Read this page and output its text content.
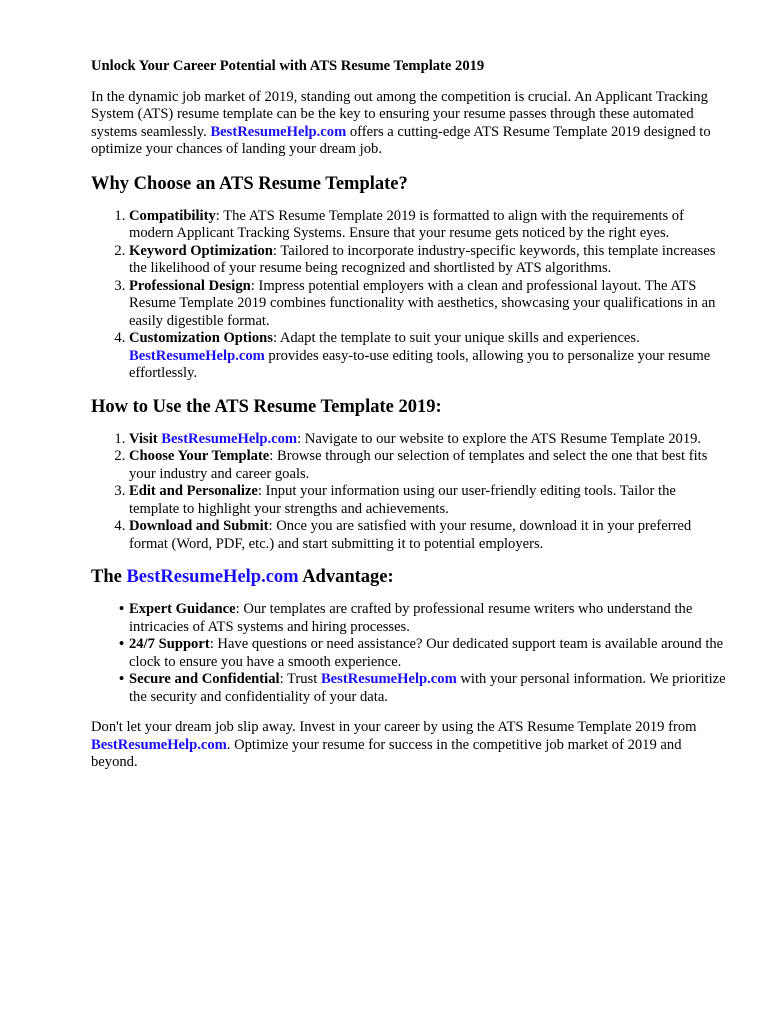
Unlock Your Career Potential with ATS Resume Template 2019

In the dynamic job market of 2019, standing out among the competition is crucial. An Applicant Tracking System (ATS) resume template can be the key to ensuring your resume passes through these automated systems seamlessly. BestResumeHelp.com offers a cutting-edge ATS Resume Template 2019 designed to optimize your chances of landing your dream job.

Why Choose an ATS Resume Template?
1. Compatibility: The ATS Resume Template 2019 is formatted to align with the requirements of modern Applicant Tracking Systems. Ensure that your resume gets noticed by the right eyes.
2. Keyword Optimization: Tailored to incorporate industry-specific keywords, this template increases the likelihood of your resume being recognized and shortlisted by ATS algorithms.
3. Professional Design: Impress potential employers with a clean and professional layout. The ATS Resume Template 2019 combines functionality with aesthetics, showcasing your qualifications in an easily digestible format.
4. Customization Options: Adapt the template to suit your unique skills and experiences. BestResumeHelp.com provides easy-to-use editing tools, allowing you to personalize your resume effortlessly.
How to Use the ATS Resume Template 2019:
1. Visit BestResumeHelp.com: Navigate to our website to explore the ATS Resume Template 2019.
2. Choose Your Template: Browse through our selection of templates and select the one that best fits your industry and career goals.
3. Edit and Personalize: Input your information using our user-friendly editing tools. Tailor the template to highlight your strengths and achievements.
4. Download and Submit: Once you are satisfied with your resume, download it in your preferred format (Word, PDF, etc.) and start submitting it to potential employers.
The BestResumeHelp.com Advantage:
• Expert Guidance: Our templates are crafted by professional resume writers who understand the intricacies of ATS systems and hiring processes.
• 24/7 Support: Have questions or need assistance? Our dedicated support team is available around the clock to ensure you have a smooth experience.
• Secure and Confidential: Trust BestResumeHelp.com with your personal information. We prioritize the security and confidentiality of your data.

Don't let your dream job slip away. Invest in your career by using the ATS Resume Template 2019 from BestResumeHelp.com. Optimize your resume for success in the competitive job market of 2019 and beyond.
